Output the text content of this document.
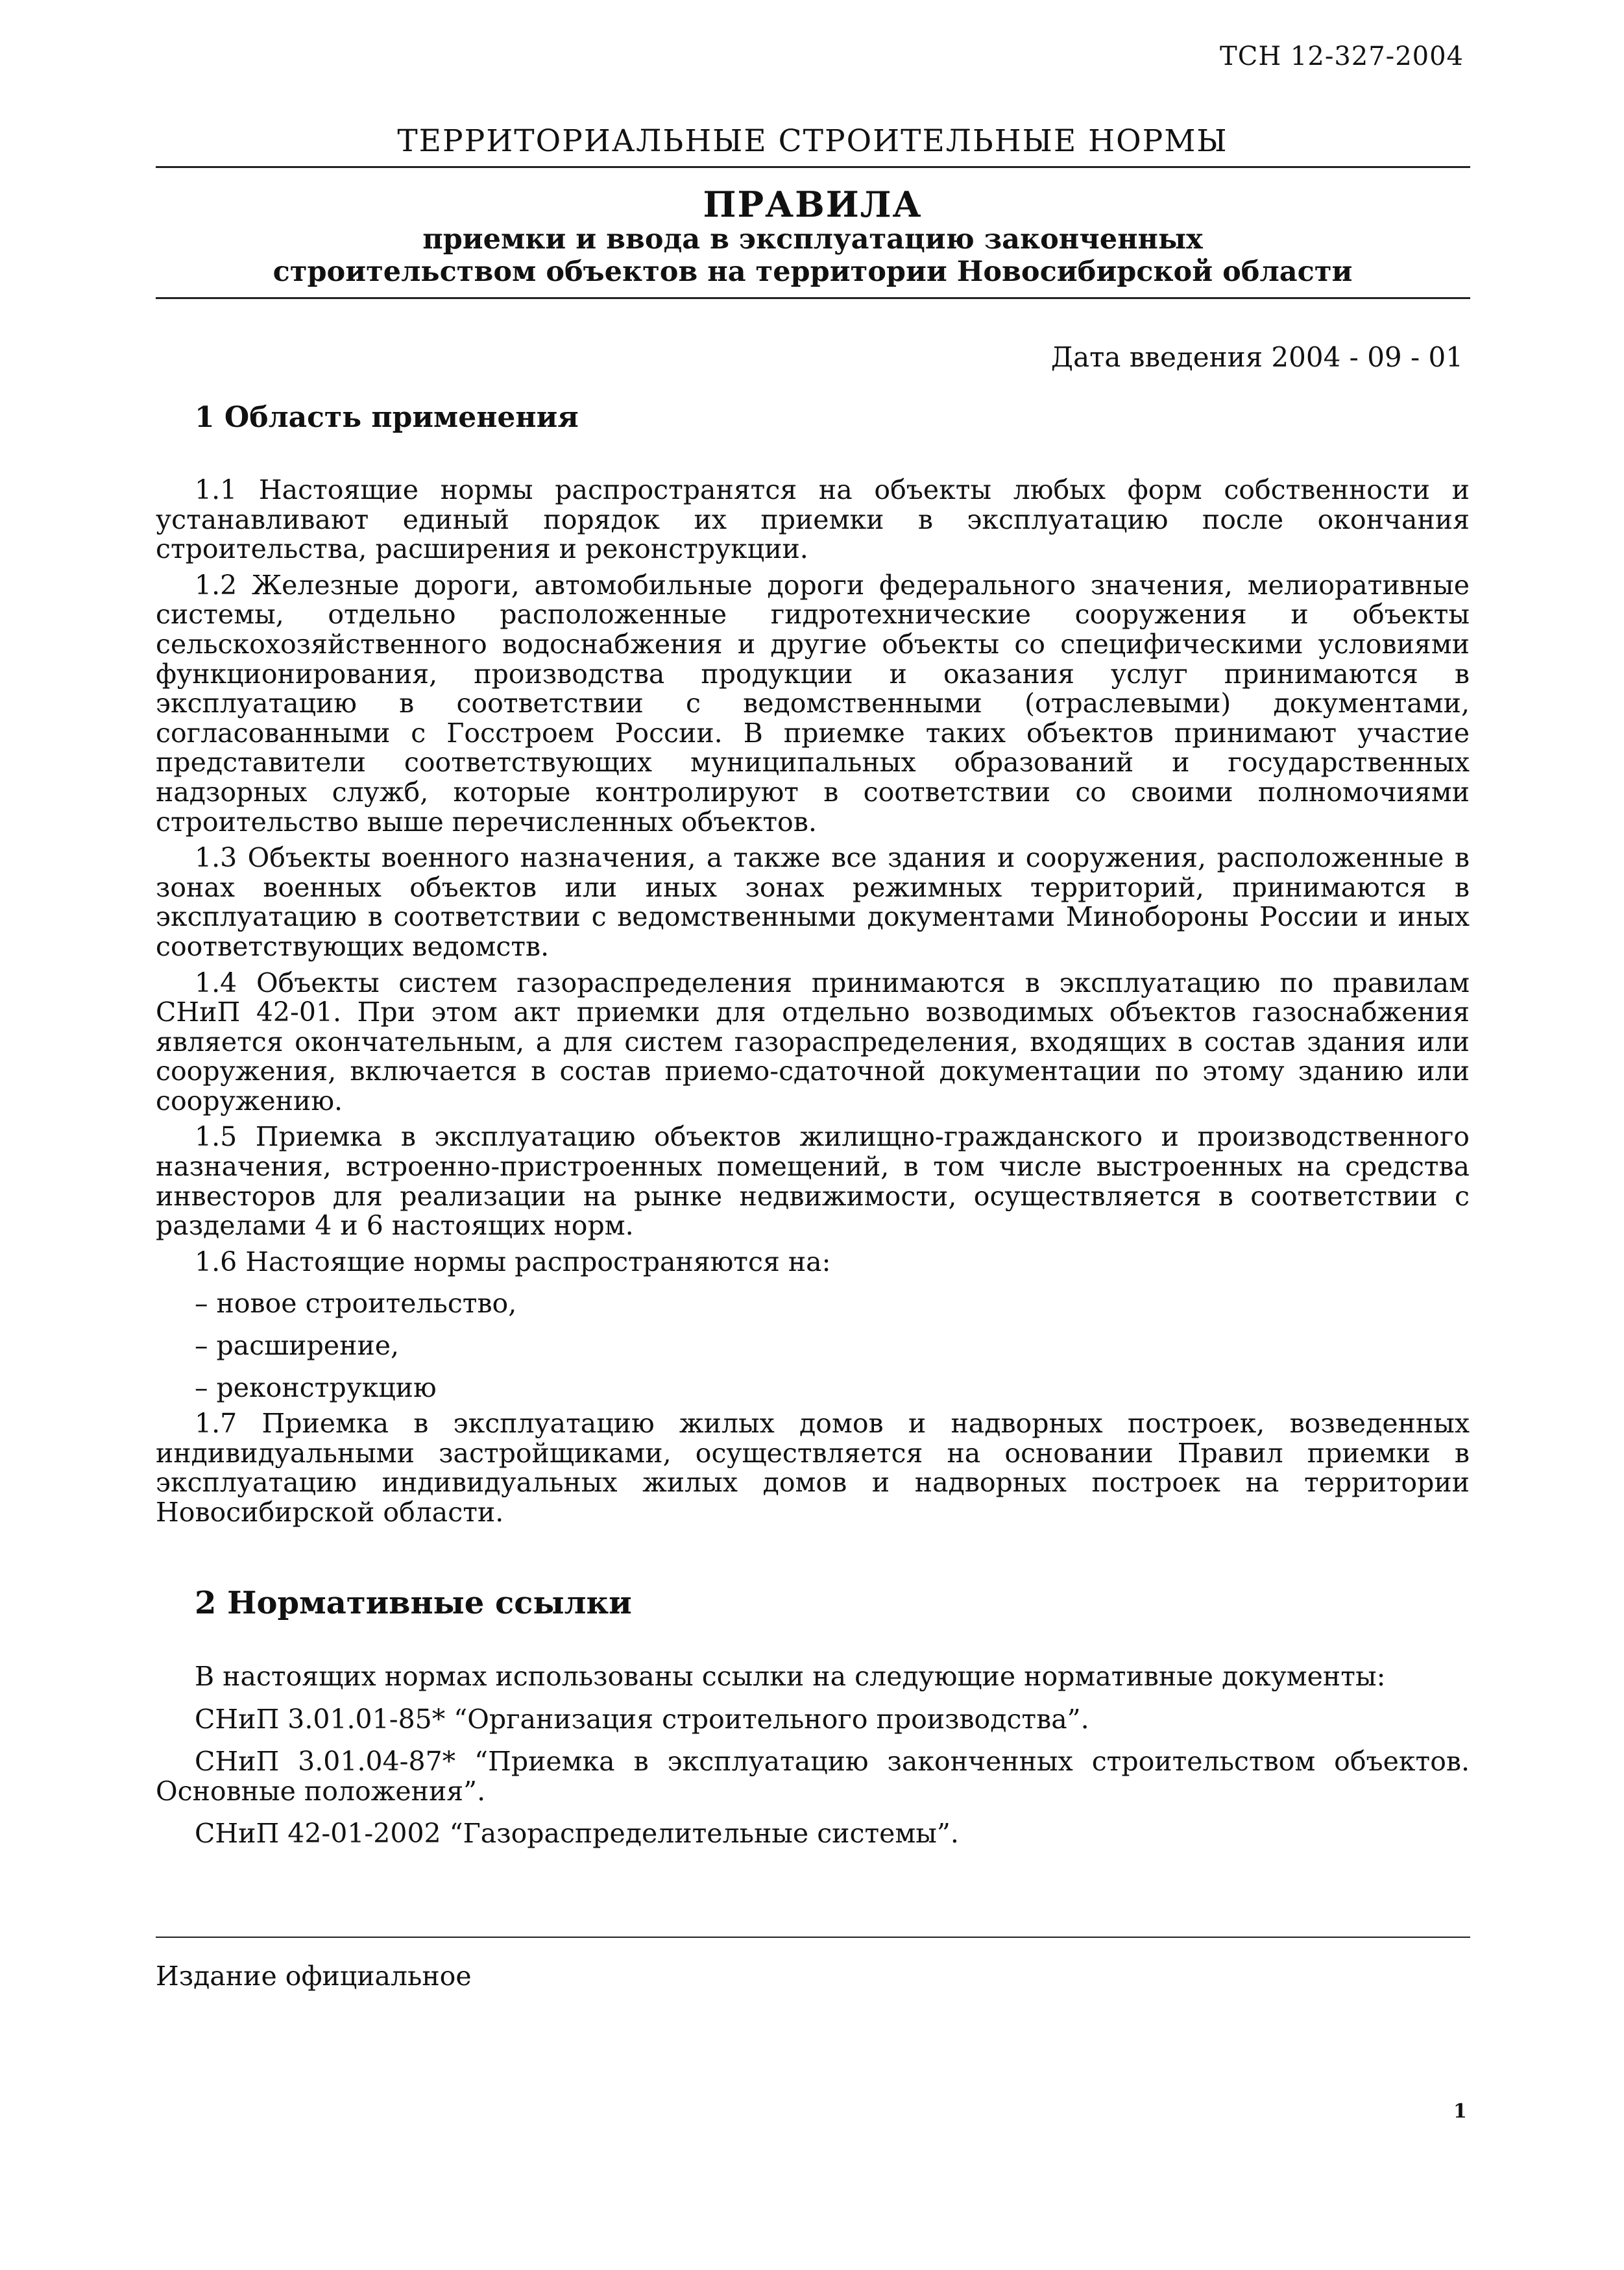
ТСН 12-327-2004
ТЕРРИТОРИАЛЬНЫЕ СТРОИТЕЛЬНЫЕ НОРМЫ
ПРАВИЛА
приемки и ввода в эксплуатацию законченных
строительством объектов на территории Новосибирской области
Дата введения 2004 - 09 - 01
1 Область применения

1.1 Настоящие нормы распространятся на объекты любых форм собственности и устанавливают единый порядок их приемки в эксплуатацию после окончания строительства, расширения и реконструкции.

1.2 Железные дороги, автомобильные дороги федерального значения, мелиоративные системы, отдельно расположенные гидротехнические сооружения и объекты сельскохозяйственного водоснабжения и другие объекты со специфическими условиями функционирования, производства продукции и оказания услуг принимаются в эксплуатацию в соответствии с ведомственными (отраслевыми) документами, согласованными с Госстроем России. В приемке таких объектов принимают участие представители соответствующих муниципальных образований и государственных надзорных служб, которые контролируют в соответствии со своими полномочиями строительство выше перечисленных объектов.

1.3 Объекты военного назначения, а также все здания и сооружения, расположенные в зонах военных объектов или иных зонах режимных территорий, принимаются в эксплуатацию в соответствии с ведомственными документами Минобороны России и иных соответствующих ведомств.

1.4 Объекты систем газораспределения принимаются в эксплуатацию по правилам СНиП 42-01. При этом акт приемки для отдельно возводимых объектов газоснабжения является окончательным, а для систем газораспределения, входящих в состав здания или сооружения, включается в состав приемо-сдаточной документации по этому зданию или сооружению.

1.5 Приемка в эксплуатацию объектов жилищно-гражданского и производственного назначения, встроенно-пристроенных помещений, в том числе выстроенных на средства инвесторов для реализации на рынке недвижимости, осуществляется в соответствии с разделами 4 и 6 настоящих норм.

1.6 Настоящие нормы распространяются на:

– новое строительство,

– расширение,

– реконструкцию

1.7 Приемка в эксплуатацию жилых домов и надворных построек, возведенных индивидуальными застройщиками, осуществляется на основании Правил приемки в эксплуатацию индивидуальных жилых домов и надворных построек на территории Новосибирской области.

2 Нормативные ссылки

В настоящих нормах использованы ссылки на следующие нормативные документы:

СНиП 3.01.01-85* “Организация строительного производства”.

СНиП 3.01.04-87* “Приемка в эксплуатацию законченных строительством объектов. Основные положения”.

СНиП 42-01-2002 “Газораспределительные системы”.

Издание официальное
1
